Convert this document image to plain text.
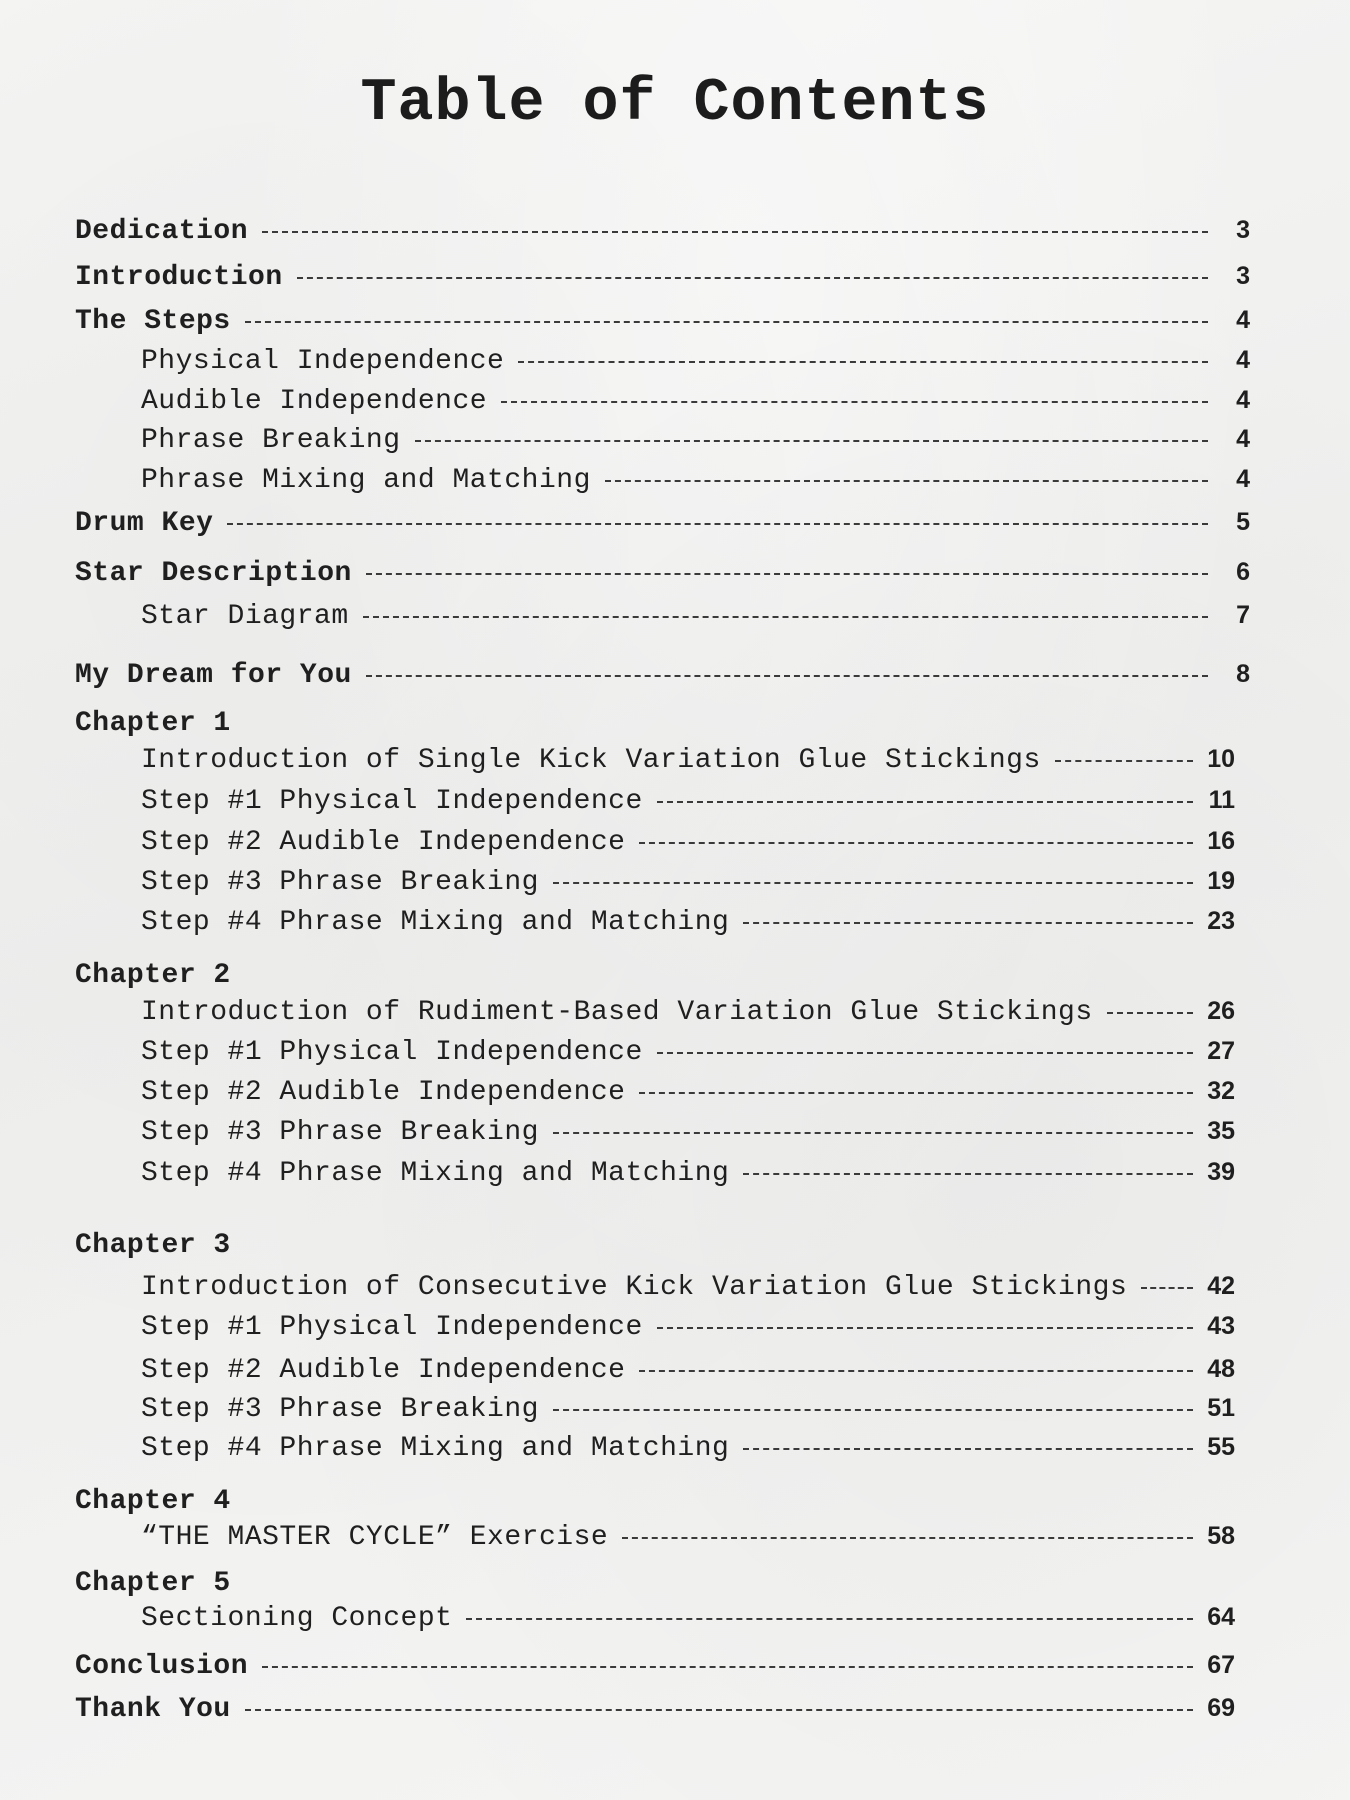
Table of Contents
Dedication	3
Introduction	3
The Steps	4
Physical Independence	4
Audible Independence	4
Phrase Breaking	4
Phrase Mixing and Matching	4
Drum Key	5
Star Description	6
Star Diagram	7
My Dream for You	8
Chapter 1
Introduction of Single Kick Variation Glue Stickings	10
Step #1 Physical Independence	11
Step #2 Audible Independence	16
Step #3 Phrase Breaking	19
Step #4 Phrase Mixing and Matching	23
Chapter 2
Introduction of Rudiment-Based Variation Glue Stickings	26
Step #1 Physical Independence	27
Step #2 Audible Independence	32
Step #3 Phrase Breaking	35
Step #4 Phrase Mixing and Matching	39
Chapter 3
Introduction of Consecutive Kick Variation Glue Stickings	42
Step #1 Physical Independence	43
Step #2 Audible Independence	48
Step #3 Phrase Breaking	51
Step #4 Phrase Mixing and Matching	55
Chapter 4
“THE MASTER CYCLE” Exercise	58
Chapter 5
Sectioning Concept	64
Conclusion	67
Thank You	69
